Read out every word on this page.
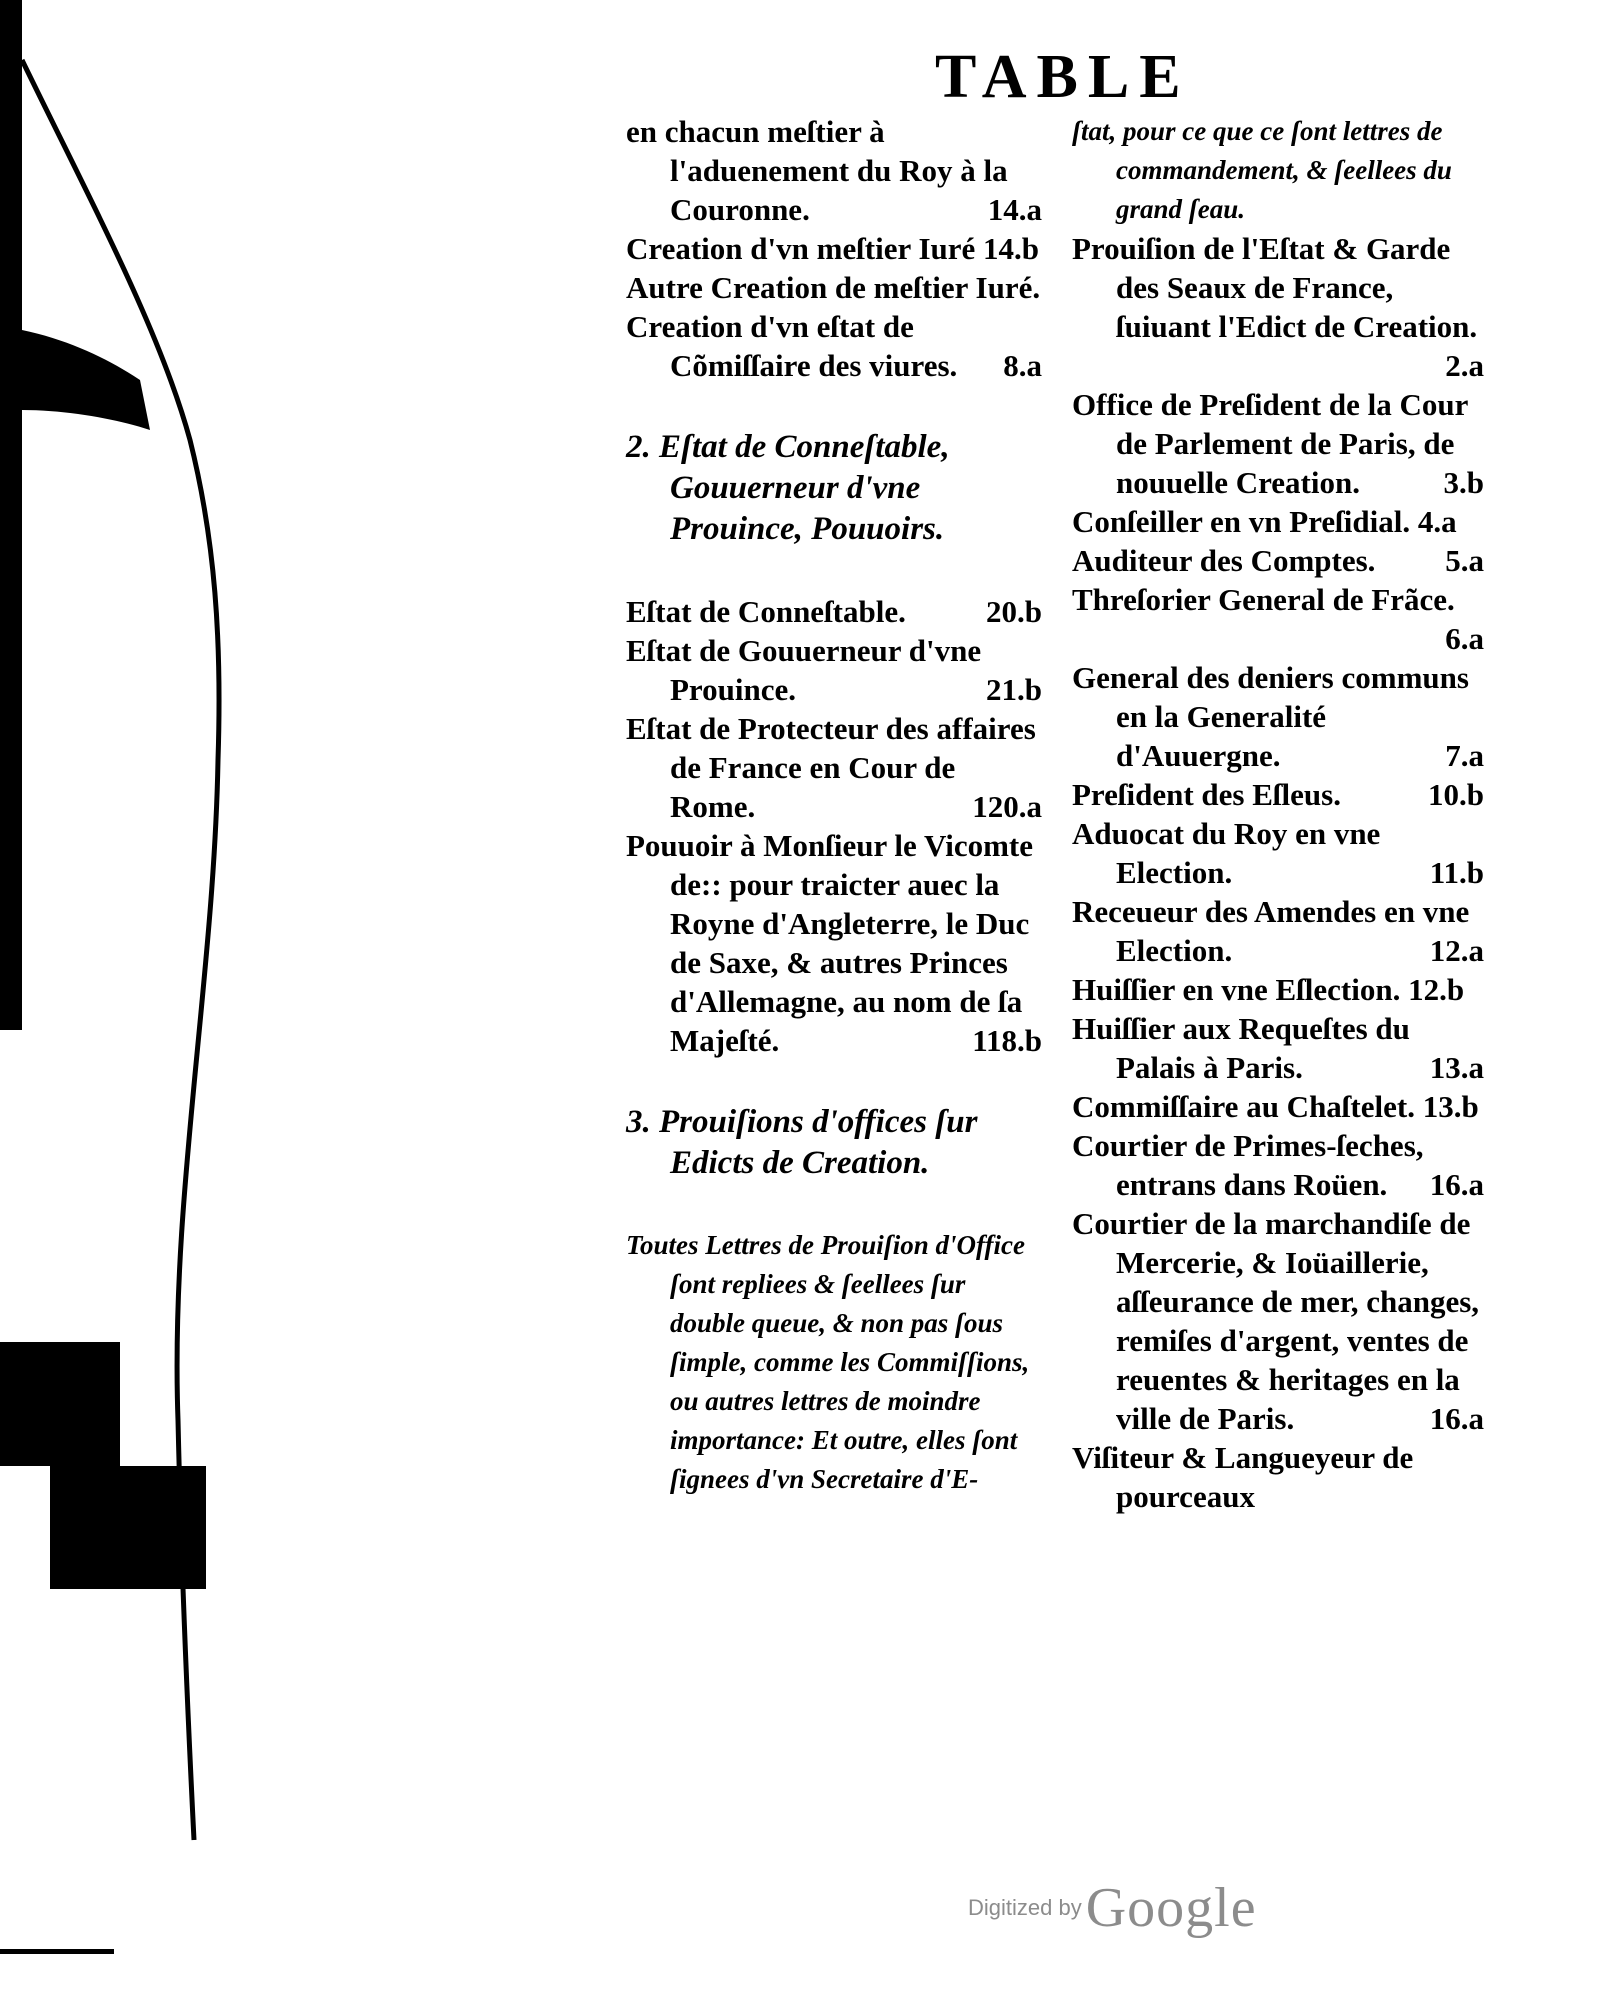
TABLE

en chacun meſtier à l'aduenement du Roy à la Couronne.	14.a

Creation d'vn meſtier Iuré 14.b

Autre Creation de meſtier Iuré.

Creation d'vn eſtat de Cõmiſſaire des viures. 8.a

2. Eſtat de Conneſtable, Gouuerneur d'vne Prouince, Pouuoirs.

Eſtat de Conneſtable.	20.b

Eſtat de Gouuerneur d'vne Prouince.	21.b

Eſtat de Protecteur des affaires de France en Cour de Rome.	120.a

Pouuoir à Monſieur le Vicomte de:: pour traicter auec la Royne d'Angleterre, le Duc de Saxe, & autres Princes d'Allemagne, au nom de ſa Majeſté.	118.b

3. Prouiſions d'offices ſur Edicts de Creation.

Toutes Lettres de Prouiſion d'Office ſont repliees & ſeellees ſur double queue, & non pas ſous ſimple, comme les Commiſſions, ou autres lettres de moindre importance: Et outre, elles ſont ſignees d'vn Secretaire d'E-

ſtat, pour ce que ce ſont lettres de commandement, & ſeellees du grand ſeau.

Prouiſion de l'Eſtat & Garde des Seaux de France, ſuiuant l'Edict de Creation.
2.a

Office de Preſident de la Cour de Parlement de Paris, de nouuelle Creation.	3.b

Conſeiller en vn Preſidial. 4.a

Auditeur des Comptes. 5.a

Threſorier General de Frãce.
6.a

General des deniers communs en la Generalité d'Auuergne.	7.a

Preſident des Eſleus.	10.b

Aduocat du Roy en vne Election.	11.b

Receueur des Amendes en vne Election.	12.a

Huiſſier en vne Eſlection. 12.b

Huiſſier aux Requeſtes du Palais à Paris.	13.a

Commiſſaire au Chaſtelet. 13.b

Courtier de Primes-ſeches, entrans dans Roüen. 16.a

Courtier de la marchandiſe de Mercerie, & Ioüaillerie, aſſeurance de mer, changes, remiſes d'argent, ventes de reuentes & heritages en la ville de Paris.	16.a

Viſiteur & Langueyeur de pourceaux

Digitized by Google
